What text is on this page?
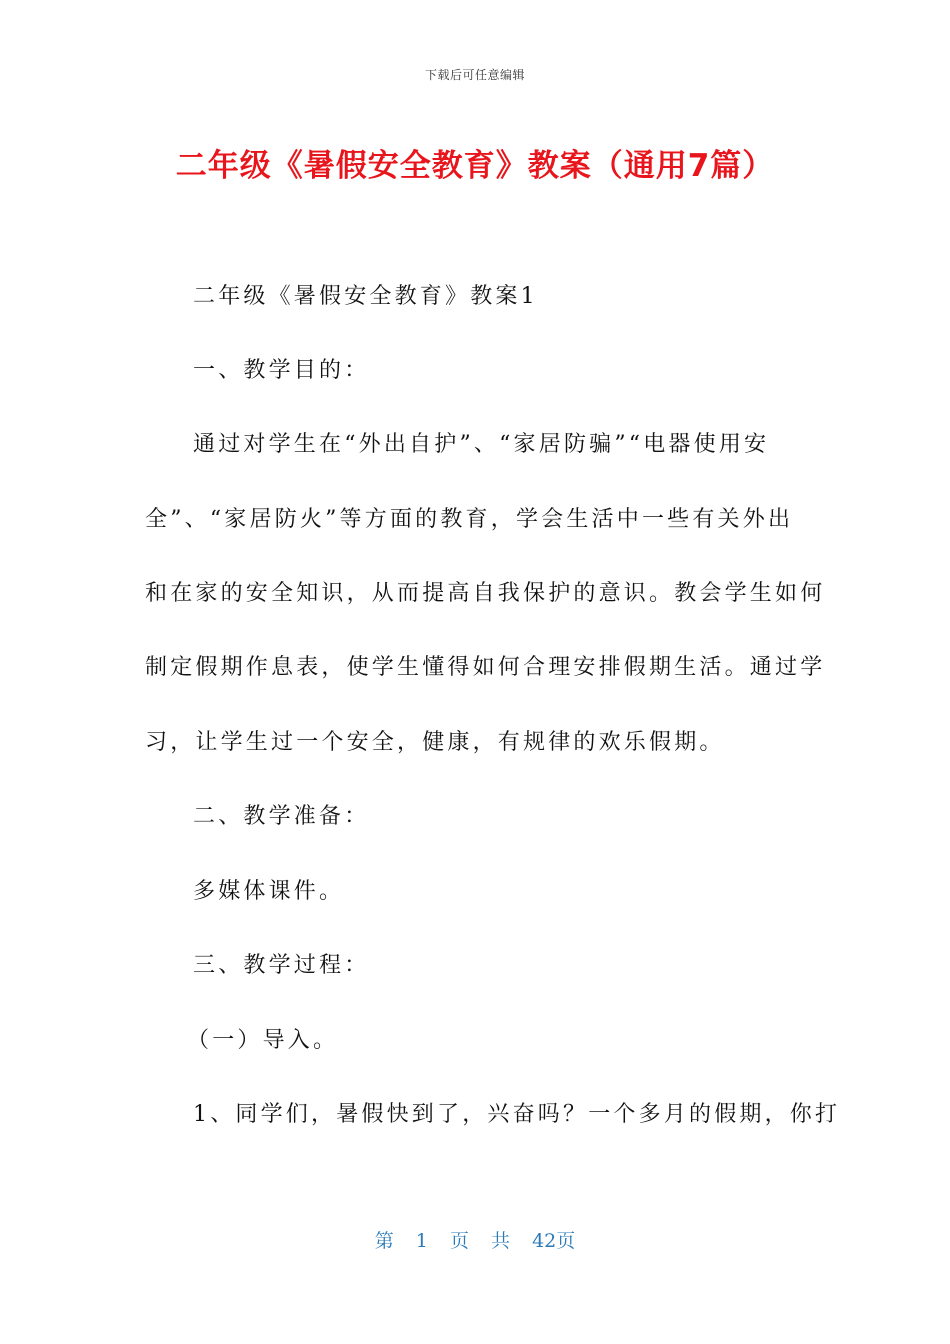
下载后可任意编辑
二年级《暑假安全教育》教案（通用7篇）
二年级《暑假安全教育》教案1
一、教学目的：
通过对学生在“外出自护”、“家居防骗”“电器使用安
全”、“家居防火”等方面的教育，学会生活中一些有关外出
和在家的安全知识，从而提高自我保护的意识。教会学生如何
制定假期作息表，使学生懂得如何合理安排假期生活。通过学
习，让学生过一个安全，健康，有规律的欢乐假期。
二、教学准备：
多媒体课件。
三、教学过程：
（一）导入。
1、同学们，暑假快到了，兴奋吗？一个多月的假期，你打
第 1 页 共 42页
